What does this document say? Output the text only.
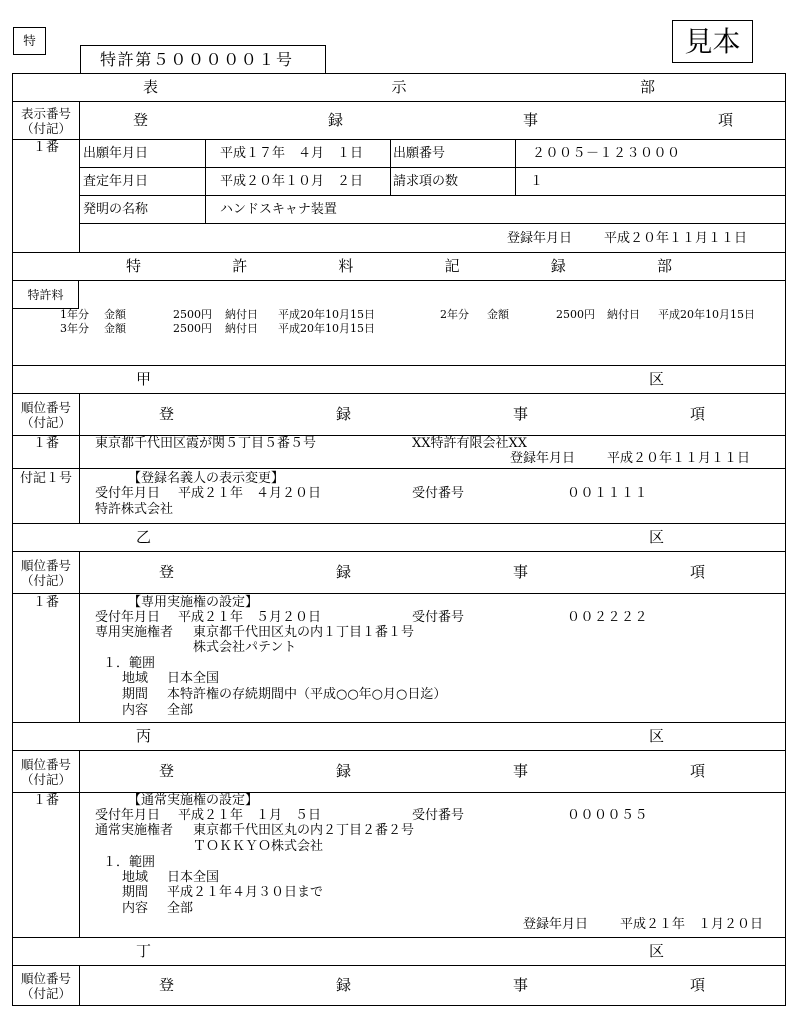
特
特許第５０００００１号
見本
表	示	部
表示番号
（付記）	登	録	事	項
１番	出願年月日	平成１７年　４月　１日 出願番号	２００５－１２３０００
査定年月日	平成２０年１０月　２日 請求項の数	１
発明の名称	ハンドスキャナ装置
登録年月日 平成２０年１１月１１日
特	許	料	記	録	部
1年分 金額	2500円 納付日 平成20年10月15日	2年分 金額	2500円 納付日 平成20年10月15日
3年分 金額	2500円 納付日 平成20年10月15日
特許料
甲	区
順位番号
（付記）	登	録	事	項
１番	東京都千代田区霞が関５丁目５番５号	XX特許有限会社XX
登録年月日 平成２０年１１月１１日
付記１号	【登録名義人の表示変更】
受付年月日 平成２１年　４月２０日	受付番号	００１１１１
特許株式会社
乙	区
順位番号
（付記）	登	録	事	項
１番	【専用実施権の設定】
受付年月日 平成２１年　５月２０日	受付番号	００２２２２
専用実施権者 東京都千代田区丸の内１丁目１番１号
株式会社パテント
１．範囲
地域 日本全国
期間 本特許権の存続期間中（平成○○年○月○日迄）
内容 全部
丙	区
順位番号
（付記）	登	録	事	項
１番	【通常実施権の設定】
受付年月日 平成２１年　１月　５日	受付番号	００００５５
通常実施権者 東京都千代田区丸の内２丁目２番２号
ＴＯＫＫＹＯ株式会社
１．範囲
地域 日本全国
期間 平成２１年４月３０日まで
内容 全部
登録年月日 平成２１年　１月２０日
丁	区
順位番号
（付記）	登	録	事	項
